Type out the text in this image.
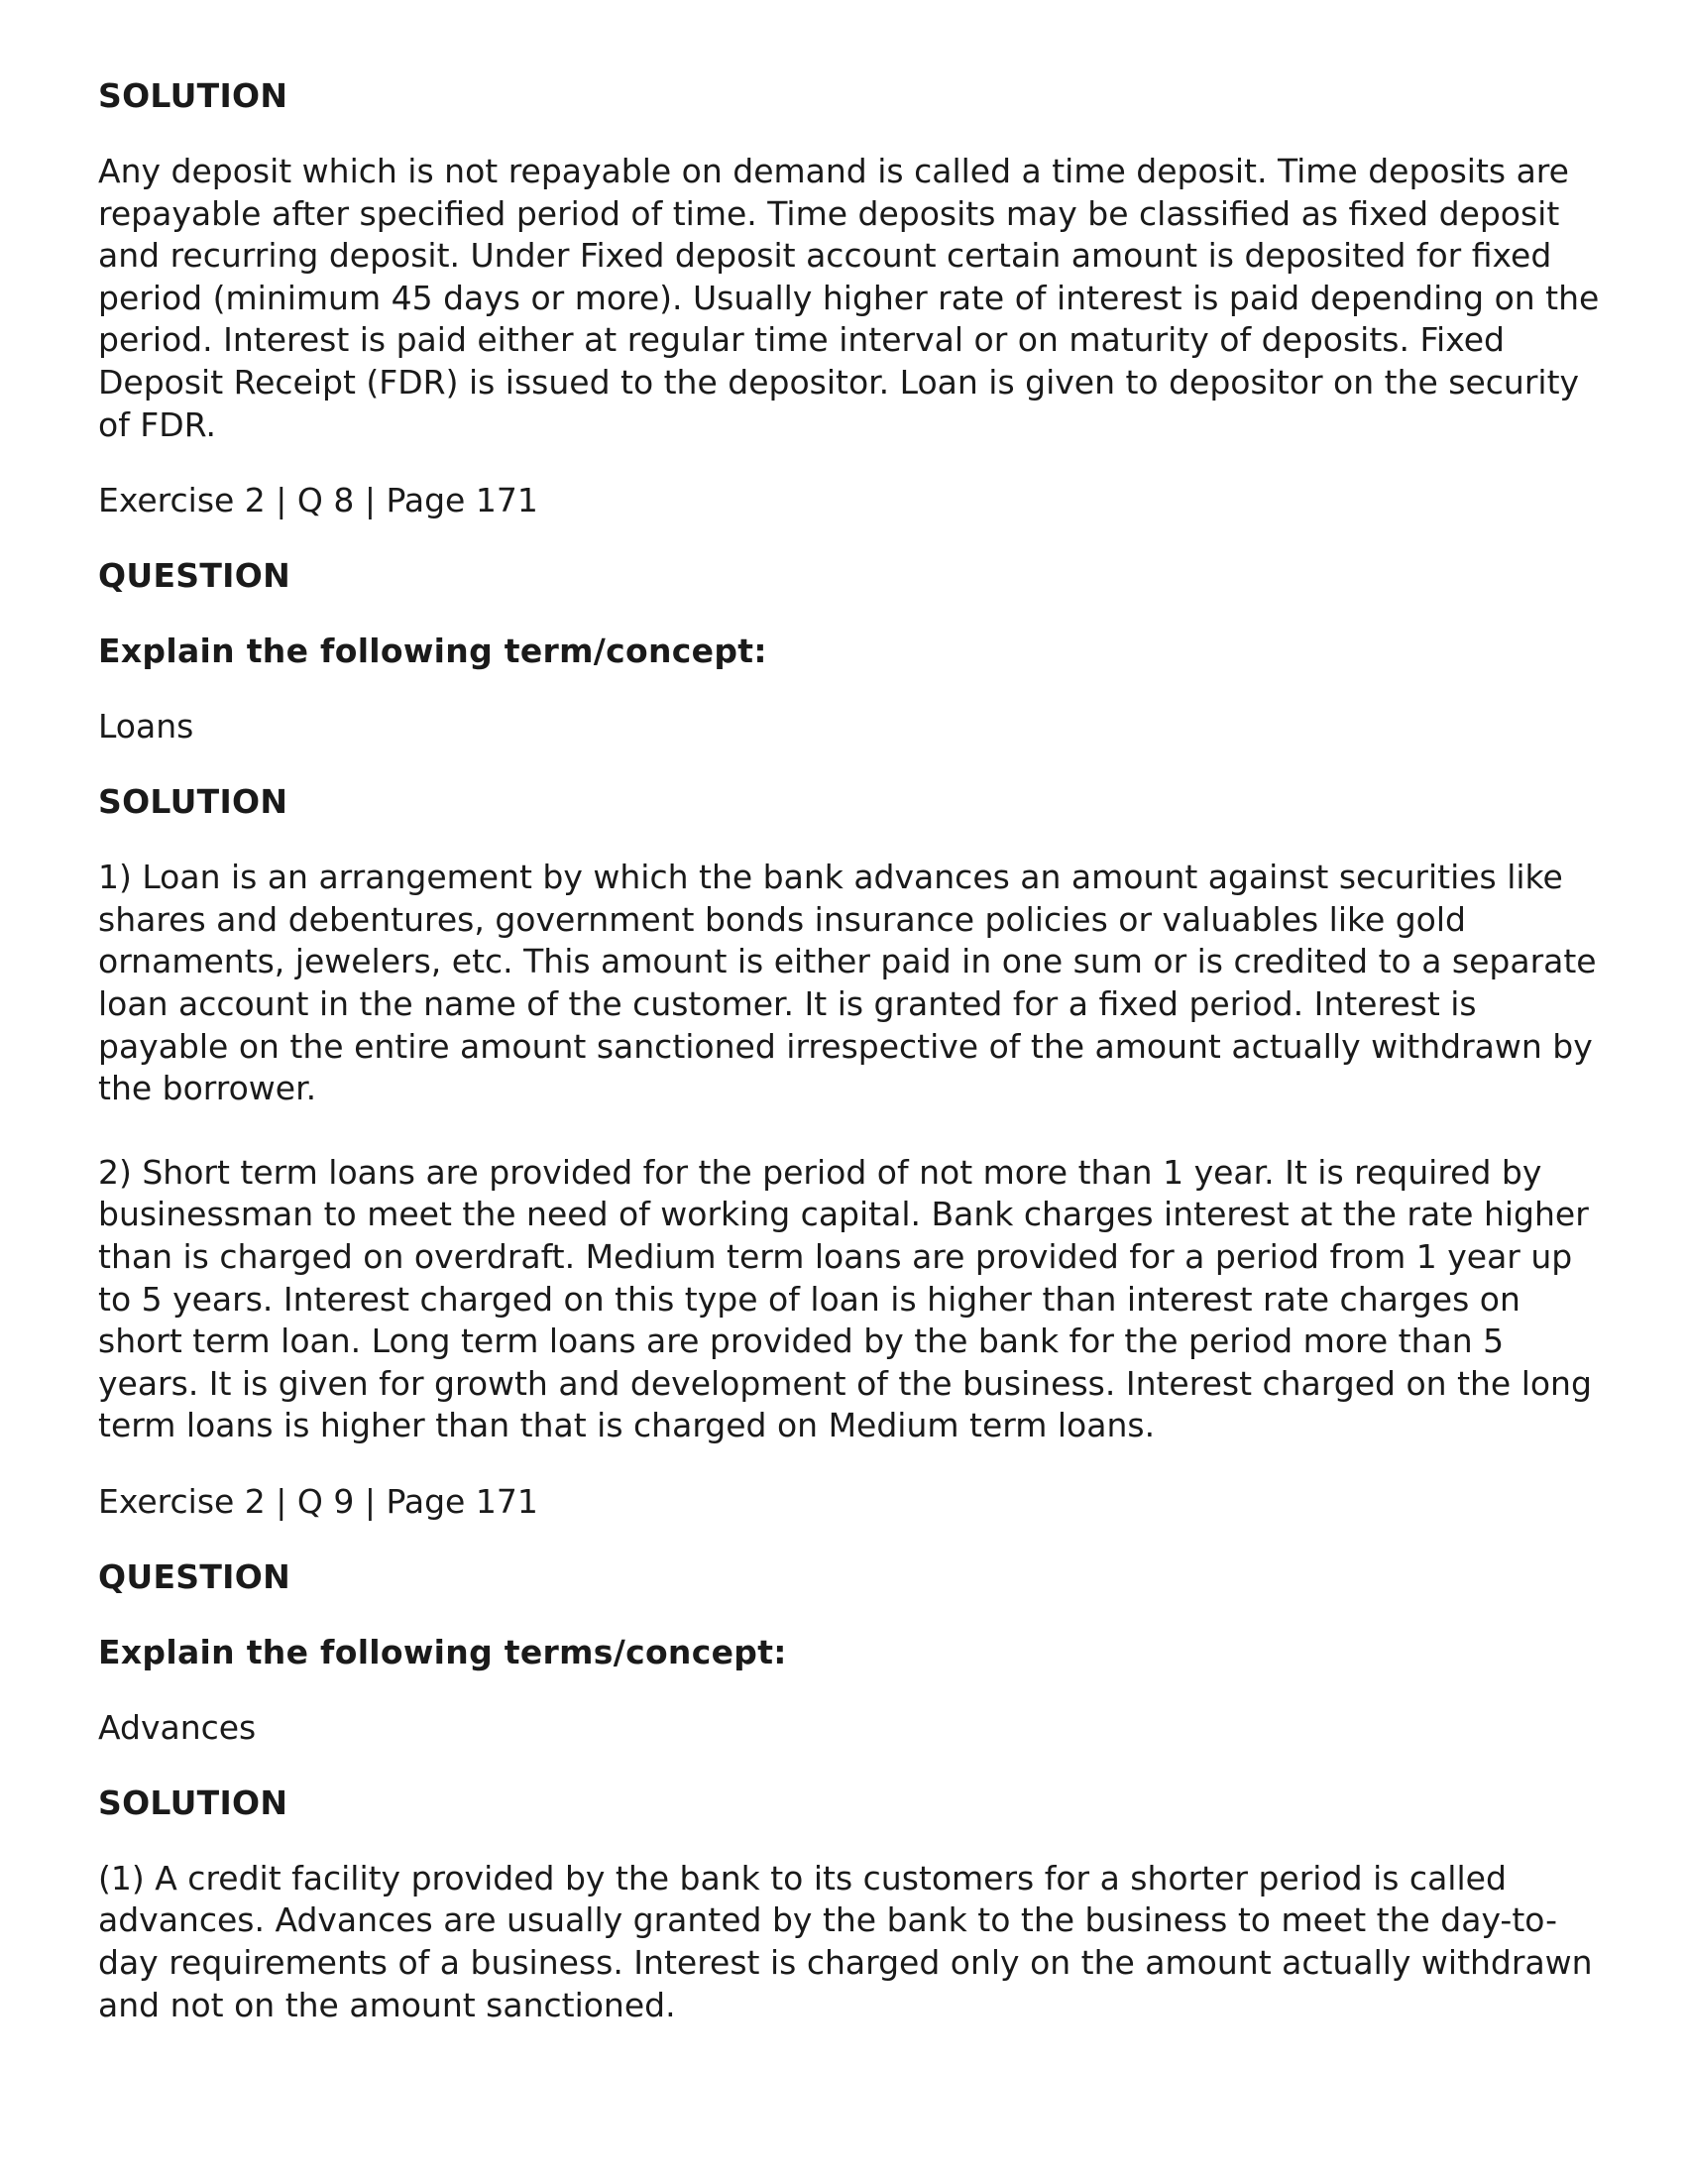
SOLUTION

Any deposit which is not repayable on demand is called a time deposit. Time deposits are repayable after specified period of time. Time deposits may be classified as fixed deposit and recurring deposit. Under Fixed deposit account certain amount is deposited for fixed period (minimum 45 days or more). Usually higher rate of interest is paid depending on the period. Interest is paid either at regular time interval or on maturity of deposits. Fixed Deposit Receipt (FDR) is issued to the depositor. Loan is given to depositor on the security of FDR.

Exercise 2 | Q 8 | Page 171

QUESTION

Explain the following term/concept:

Loans

SOLUTION

1) Loan is an arrangement by which the bank advances an amount against securities like shares and debentures, government bonds insurance policies or valuables like gold ornaments, jewelers, etc. This amount is either paid in one sum or is credited to a separate loan account in the name of the customer. It is granted for a fixed period. Interest is payable on the entire amount sanctioned irrespective of the amount actually withdrawn by the borrower.

2) Short term loans are provided for the period of not more than 1 year. It is required by businessman to meet the need of working capital. Bank charges interest at the rate higher than is charged on overdraft. Medium term loans are provided for a period from 1 year up to 5 years. Interest charged on this type of loan is higher than interest rate charges on short term loan. Long term loans are provided by the bank for the period more than 5 years. It is given for growth and development of the business. Interest charged on the long term loans is higher than that is charged on Medium term loans.

Exercise 2 | Q 9 | Page 171

QUESTION

Explain the following terms/concept:

Advances

SOLUTION

(1) A credit facility provided by the bank to its customers for a shorter period is called advances. Advances are usually granted by the bank to the business to meet the day-to-day requirements of a business. Interest is charged only on the amount actually withdrawn and not on the amount sanctioned.
